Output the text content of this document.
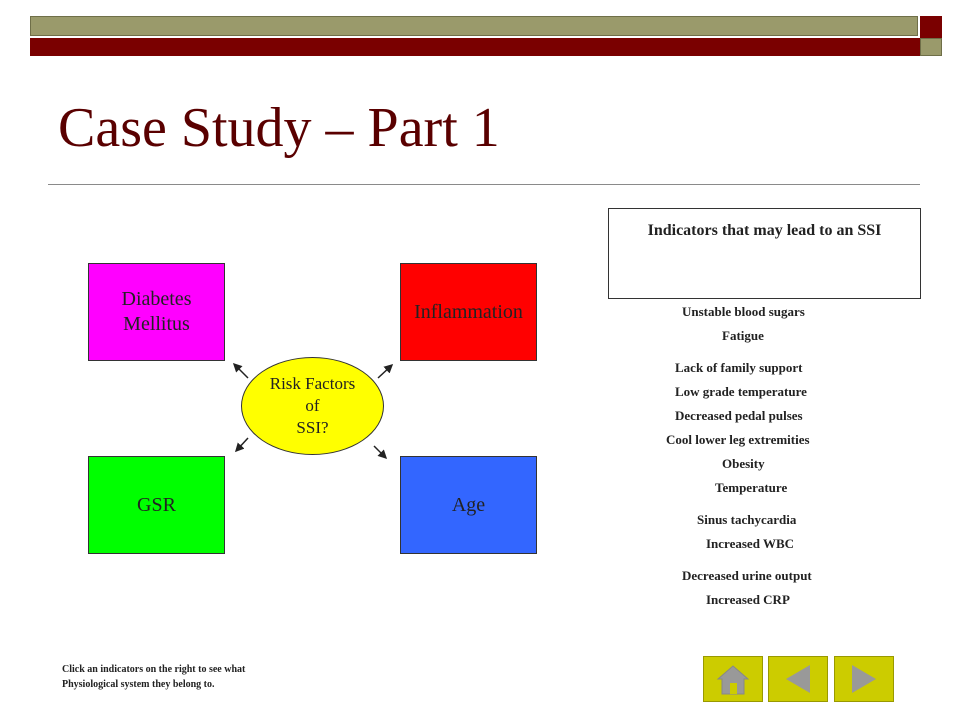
Case Study – Part 1
Diabetes
Mellitus
Inflammation
GSR	Age
Risk Factors
of
SSI?
Indicators that may lead to an SSI
Unstable blood sugars
Fatigue
Lack of family support
Low grade temperature
Decreased pedal pulses
Cool lower leg extremities
Obesity
Temperature
Sinus tachycardia
Increased WBC
Decreased urine output
Increased CRP
Click an indicators on the right to see what
Physiological system they belong to.
